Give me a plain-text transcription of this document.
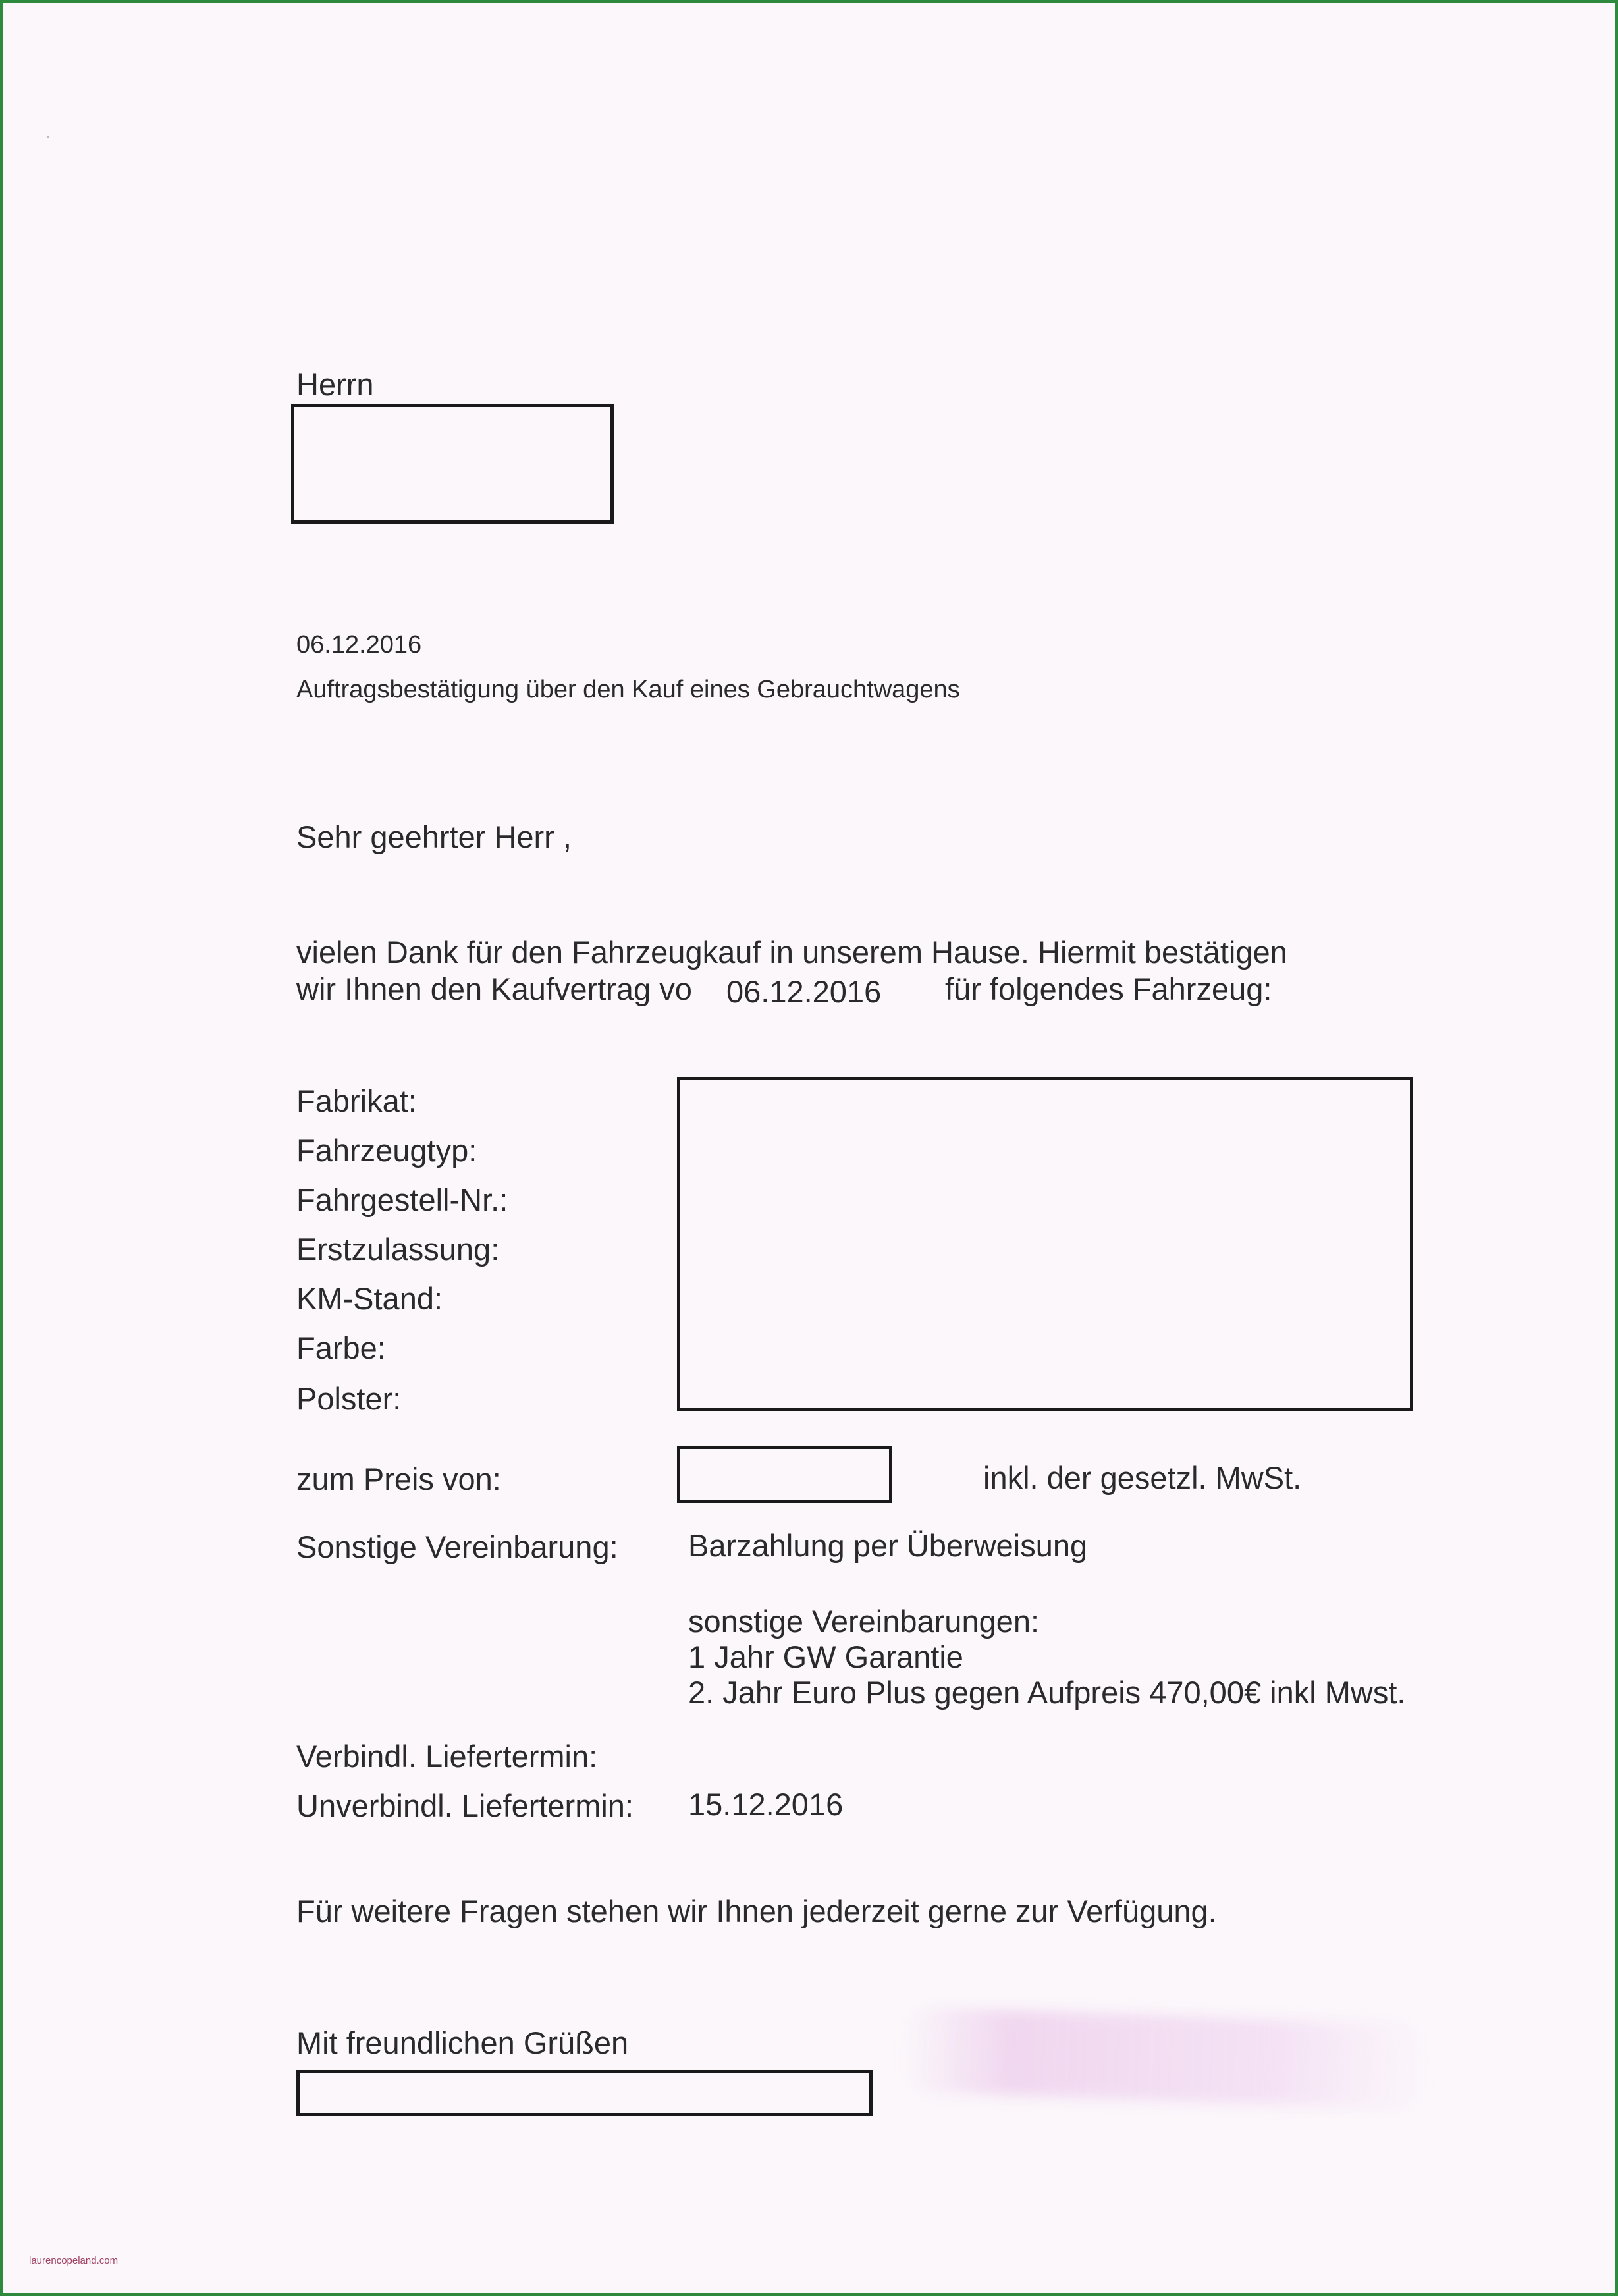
Herrn
06.12.2016
Auftragsbestätigung über den Kauf eines Gebrauchtwagens
Sehr geehrter Herr ,
vielen Dank für den Fahrzeugkauf in unserem Hause. Hiermit bestätigen
wir Ihnen den Kaufvertrag vo 06.12.2016 für folgendes Fahrzeug:
Fabrikat:
Fahrzeugtyp:
Fahrgestell-Nr.:
Erstzulassung:
KM-Stand:
Farbe:
Polster:
zum Preis von:	inkl. der gesetzl. MwSt.
Sonstige Vereinbarung: Barzahlung per Überweisung
sonstige Vereinbarungen:
1 Jahr GW Garantie
2. Jahr Euro Plus gegen Aufpreis 470,00€ inkl Mwst.
Verbindl. Liefertermin:
Unverbindl. Liefertermin: 15.12.2016
Für weitere Fragen stehen wir Ihnen jederzeit gerne zur Verfügung.
Mit freundlichen Grüßen
laurencopeland.com
